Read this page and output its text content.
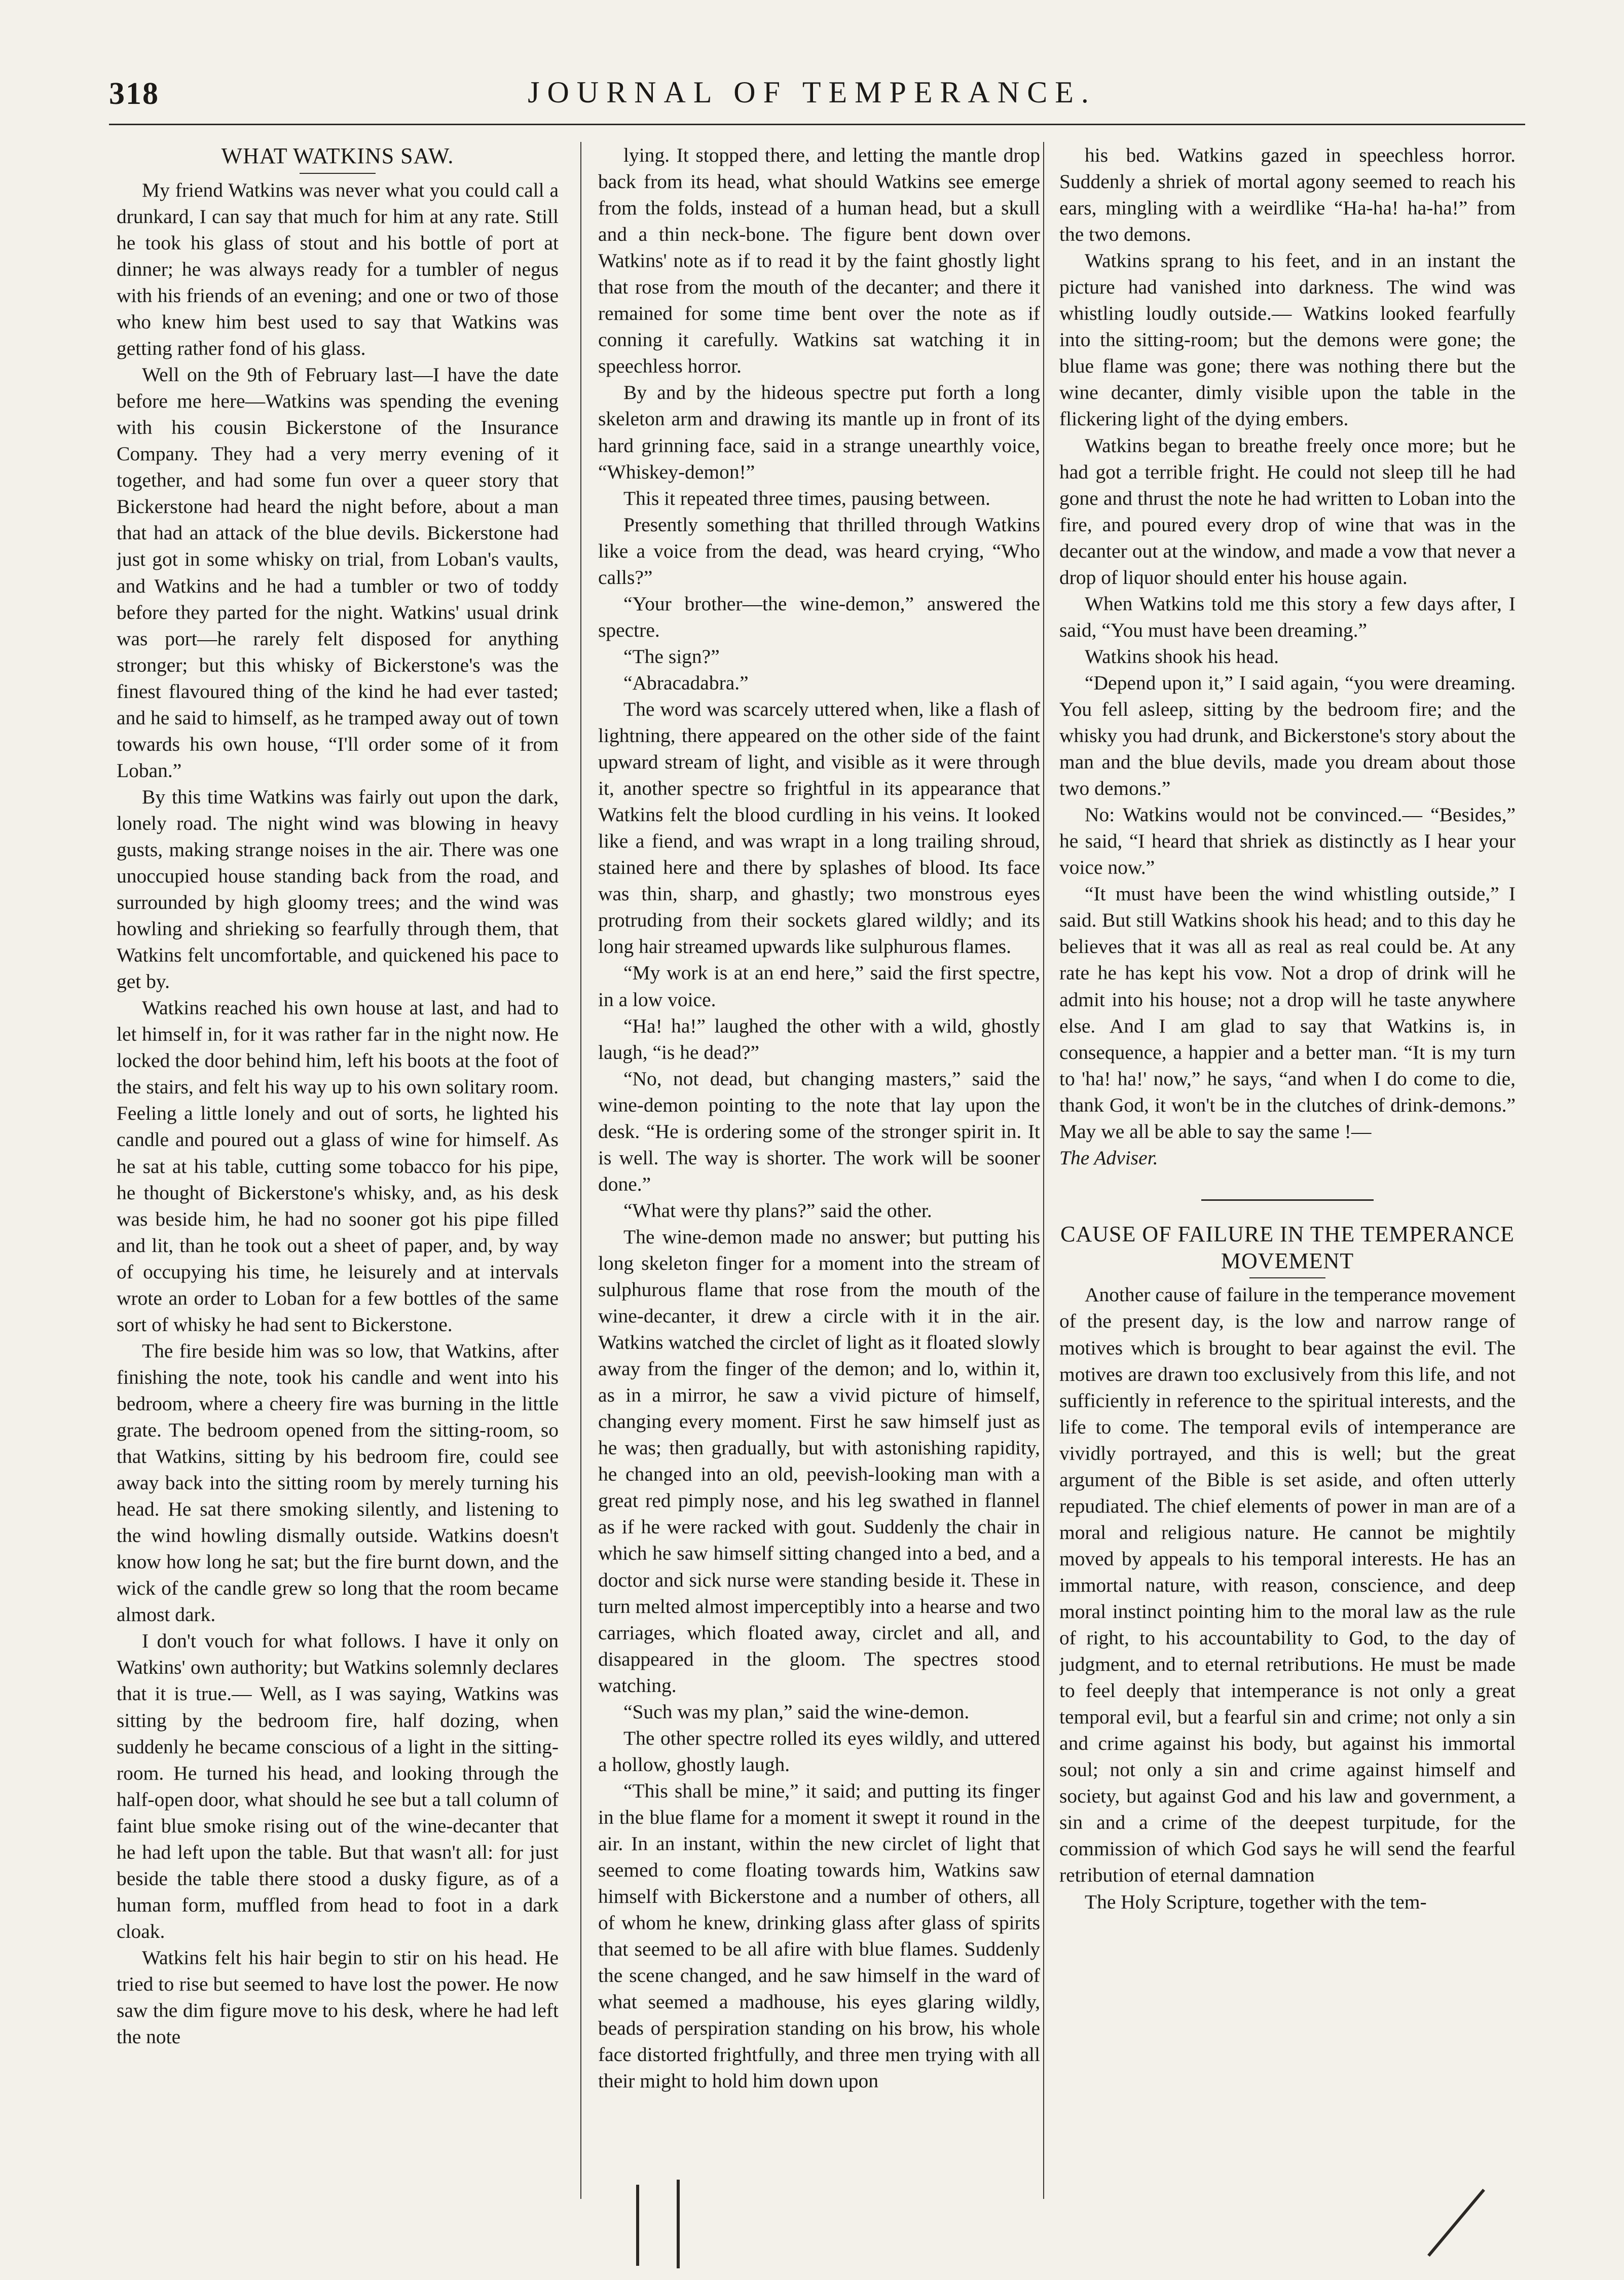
318	JOURNAL OF TEMPERANCE.
WHAT WATKINS SAW.

My friend Watkins was never what you could call a drunkard, I can say that much for him at any rate. Still he took his glass of stout and his bottle of port at dinner; he was always ready for a tumbler of negus with his friends of an evening; and one or two of those who knew him best used to say that Watkins was getting rather fond of his glass.

Well on the 9th of February last—I have the date before me here—Watkins was spending the evening with his cousin Bickerstone of the Insurance Company. They had a very merry evening of it together, and had some fun over a queer story that Bickerstone had heard the night before, about a man that had an attack of the blue devils. Bickerstone had just got in some whisky on trial, from Loban's vaults, and Watkins and he had a tumbler or two of toddy before they parted for the night. Watkins' usual drink was port—he rarely felt disposed for anything stronger; but this whisky of Bickerstone's was the finest flavoured thing of the kind he had ever tasted; and he said to himself, as he tramped away out of town towards his own house, “I'll order some of it from Loban.”

By this time Watkins was fairly out upon the dark, lonely road. The night wind was blowing in heavy gusts, making strange noises in the air. There was one unoccupied house standing back from the road, and surrounded by high gloomy trees; and the wind was howling and shrieking so fearfully through them, that Watkins felt uncomfortable, and quickened his pace to get by.

Watkins reached his own house at last, and had to let himself in, for it was rather far in the night now. He locked the door behind him, left his boots at the foot of the stairs, and felt his way up to his own solitary room. Feeling a little lonely and out of sorts, he lighted his candle and poured out a glass of wine for himself. As he sat at his table, cutting some tobacco for his pipe, he thought of Bickerstone's whisky, and, as his desk was beside him, he had no sooner got his pipe filled and lit, than he took out a sheet of paper, and, by way of occupying his time, he leisurely and at intervals wrote an order to Loban for a few bottles of the same sort of whisky he had sent to Bickerstone.

The fire beside him was so low, that Watkins, after finishing the note, took his candle and went into his bedroom, where a cheery fire was burning in the little grate. The bedroom opened from the sitting-room, so that Watkins, sitting by his bedroom fire, could see away back into the sitting room by merely turning his head. He sat there smoking silently, and listening to the wind howling dismally outside. Watkins doesn't know how long he sat; but the fire burnt down, and the wick of the candle grew so long that the room became almost dark.

I don't vouch for what follows. I have it only on Watkins' own authority; but Watkins solemnly declares that it is true.— Well, as I was saying, Watkins was sitting by the bedroom fire, half dozing, when suddenly he became conscious of a light in the sitting-room. He turned his head, and looking through the half-open door, what should he see but a tall column of faint blue smoke rising out of the wine-decanter that he had left upon the table. But that wasn't all: for just beside the table there stood a dusky figure, as of a human form, muffled from head to foot in a dark cloak.

Watkins felt his hair begin to stir on his head. He tried to rise but seemed to have lost the power. He now saw the dim figure move to his desk, where he had left the note

lying. It stopped there, and letting the mantle drop back from its head, what should Watkins see emerge from the folds, instead of a human head, but a skull and a thin neck-bone. The figure bent down over Watkins' note as if to read it by the faint ghostly light that rose from the mouth of the decanter; and there it remained for some time bent over the note as if conning it carefully. Watkins sat watching it in speechless horror.

By and by the hideous spectre put forth a long skeleton arm and drawing its mantle up in front of its hard grinning face, said in a strange unearthly voice, “Whiskey-demon!”

This it repeated three times, pausing between.

Presently something that thrilled through Watkins like a voice from the dead, was heard crying, “Who calls?”

“Your brother—the wine-demon,” answered the spectre.

“The sign?”

“Abracadabra.”

The word was scarcely uttered when, like a flash of lightning, there appeared on the other side of the faint upward stream of light, and visible as it were through it, another spectre so frightful in its appearance that Watkins felt the blood curdling in his veins. It looked like a fiend, and was wrapt in a long trailing shroud, stained here and there by splashes of blood. Its face was thin, sharp, and ghastly; two monstrous eyes protruding from their sockets glared wildly; and its long hair streamed upwards like sulphurous flames.

“My work is at an end here,” said the first spectre, in a low voice.

“Ha! ha!” laughed the other with a wild, ghostly laugh, “is he dead?”

“No, not dead, but changing masters,” said the wine-demon pointing to the note that lay upon the desk. “He is ordering some of the stronger spirit in. It is well. The way is shorter. The work will be sooner done.”

“What were thy plans?” said the other.

The wine-demon made no answer; but putting his long skeleton finger for a moment into the stream of sulphurous flame that rose from the mouth of the wine-decanter, it drew a circle with it in the air. Watkins watched the circlet of light as it floated slowly away from the finger of the demon; and lo, within it, as in a mirror, he saw a vivid picture of himself, changing every moment. First he saw himself just as he was; then gradually, but with astonishing rapidity, he changed into an old, peevish-looking man with a great red pimply nose, and his leg swathed in flannel as if he were racked with gout. Suddenly the chair in which he saw himself sitting changed into a bed, and a doctor and sick nurse were standing beside it. These in turn melted almost imperceptibly into a hearse and two carriages, which floated away, circlet and all, and disappeared in the gloom. The spectres stood watching.

“Such was my plan,” said the wine-demon.

The other spectre rolled its eyes wildly, and uttered a hollow, ghostly laugh.

“This shall be mine,” it said; and putting its finger in the blue flame for a moment it swept it round in the air. In an instant, within the new circlet of light that seemed to come floating towards him, Watkins saw himself with Bickerstone and a number of others, all of whom he knew, drinking glass after glass of spirits that seemed to be all afire with blue flames. Suddenly the scene changed, and he saw himself in the ward of what seemed a madhouse, his eyes glaring wildly, beads of perspiration standing on his brow, his whole face distorted frightfully, and three men trying with all their might to hold him down upon

his bed. Watkins gazed in speechless horror. Suddenly a shriek of mortal agony seemed to reach his ears, mingling with a weirdlike “Ha-ha! ha-ha!” from the two demons.

Watkins sprang to his feet, and in an instant the picture had vanished into darkness. The wind was whistling loudly outside.— Watkins looked fearfully into the sitting-room; but the demons were gone; the blue flame was gone; there was nothing there but the wine decanter, dimly visible upon the table in the flickering light of the dying embers.

Watkins began to breathe freely once more; but he had got a terrible fright. He could not sleep till he had gone and thrust the note he had written to Loban into the fire, and poured every drop of wine that was in the decanter out at the window, and made a vow that never a drop of liquor should enter his house again.

When Watkins told me this story a few days after, I said, “You must have been dreaming.”

Watkins shook his head.

“Depend upon it,” I said again, “you were dreaming. You fell asleep, sitting by the bedroom fire; and the whisky you had drunk, and Bickerstone's story about the man and the blue devils, made you dream about those two demons.”

No: Watkins would not be convinced.— “Besides,” he said, “I heard that shriek as distinctly as I hear your voice now.”

“It must have been the wind whistling outside,” I said. But still Watkins shook his head; and to this day he believes that it was all as real as real could be. At any rate he has kept his vow. Not a drop of drink will he admit into his house; not a drop will he taste anywhere else. And I am glad to say that Watkins is, in consequence, a happier and a better man. “It is my turn to 'ha! ha!' now,” he says, “and when I do come to die, thank God, it won't be in the clutches of drink-demons.” May we all be able to say the same !—

The Adviser.
CAUSE OF FAILURE IN THE TEMPERANCE MOVEMENT

Another cause of failure in the temperance movement of the present day, is the low and narrow range of motives which is brought to bear against the evil. The motives are drawn too exclusively from this life, and not sufficiently in reference to the spiritual interests, and the life to come. The temporal evils of intemperance are vividly portrayed, and this is well; but the great argument of the Bible is set aside, and often utterly repudiated. The chief elements of power in man are of a moral and religious nature. He cannot be mightily moved by appeals to his temporal interests. He has an immortal nature, with reason, conscience, and deep moral instinct pointing him to the moral law as the rule of right, to his accountability to God, to the day of judgment, and to eternal retributions. He must be made to feel deeply that intemperance is not only a great temporal evil, but a fearful sin and crime; not only a sin and crime against his body, but against his immortal soul; not only a sin and crime against himself and society, but against God and his law and government, a sin and a crime of the deepest turpitude, for the commission of which God says he will send the fearful retribution of eternal damnation

The Holy Scripture, together with the tem-
